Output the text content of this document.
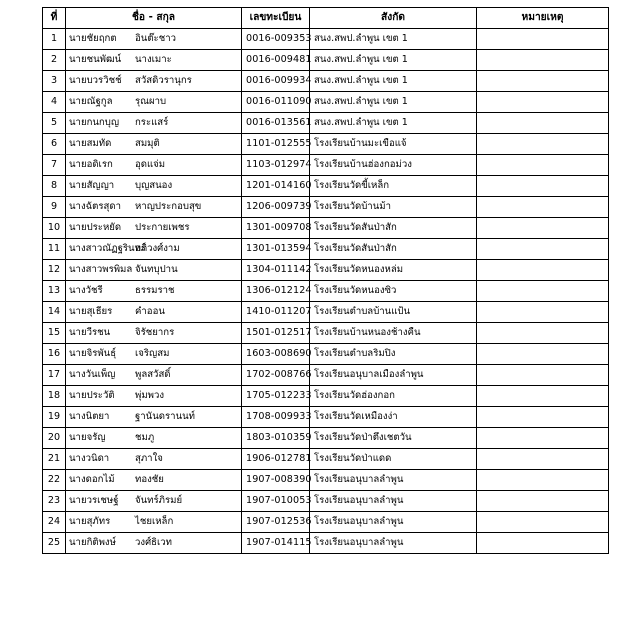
ที่	ชื่อ - สกุล	เลขทะเบียน	สังกัด	หมายเหตุ
1	นายชัยฤกต อินต๊ะชาว	0016-009353	สนง.สพป.ลำพูน เขต 1	
2	นายชนพัฒน์ นางเมาะ	0016-009481	สนง.สพป.ลำพูน เขต 1	
3	นายบวรวิชช์ สวัสดิวรานุกร	0016-009934	สนง.สพป.ลำพูน เขต 1	
4	นายณัฐกูล รุณผาบ	0016-011090	สนง.สพป.ลำพูน เขต 1	
5	นายกนกบุญ กระแสร์	0016-013561	สนง.สพป.ลำพูน เขต 1	
6	นายสมทัด สมมุติ	1101-012555	โรงเรียนบ้านมะเขือแจ้	
7	นายอดิเรก อุดแจ่ม	1103-012974	โรงเรียนบ้านฮ่องกอม่วง	
8	นายสัญญา บุญสนอง	1201-014160	โรงเรียนวัดขี้เหล็ก	
9	นางฉัตรสุดา หาญประกอบสุข	1206-009739	โรงเรียนวัดบ้านม้า	
10	นายประหยัด ประกายเพชร	1301-009708	โรงเรียนวัดสันป่าสัก	
11	นางสาวณัฏฐรินทร์อภิวงศ์งาม	1301-013594	โรงเรียนวัดสันป่าสัก	
12	นางสาวพรพิมล จันทบุปาน	1304-011142	โรงเรียนวัดหนองหล่ม	
13	นางวัชรี ธรรมราช	1306-012124	โรงเรียนวัดหนองซิว	
14	นายสุเธียร คำออน	1410-011207	โรงเรียนตำบลบ้านแป้น	
15	นายวีรชน จิรัชยากร	1501-012517	โรงเรียนบ้านหนองช้างคืน	
16	นายจิรพันธุ์ เจริญสม	1603-008690	โรงเรียนตำบลริมปิง	
17	นางวันเพ็ญ พูลสวัสดิ์	1702-008766	โรงเรียนอนุบาลเมืองลำพูน	
18	นายประวัติ พุ่มพวง	1705-012233	โรงเรียนวัดฮ่องกอก	
19	นางนิตยา ฐานันดรานนท์	1708-009933	โรงเรียนวัดเหมืองง่า	
20	นายจรัญ ชมภู	1803-010359	โรงเรียนวัดป่าตึงเชตวัน	
21	นางวนิดา สุภาใจ	1906-012781	โรงเรียนวัดป่าแดด	
22	นางดอกไม้ ทองชัย	1907-008390	โรงเรียนอนุบาลลำพูน	
23	นายวรเชษฐ์ จันทร์ภิรมย์	1907-010053	โรงเรียนอนุบาลลำพูน	
24	นายสุภัทร ไชยเหล็ก	1907-012536	โรงเรียนอนุบาลลำพูน	
25	นายกิติพงษ์ วงศ์ธิเวท	1907-014115	โรงเรียนอนุบาลลำพูน	
